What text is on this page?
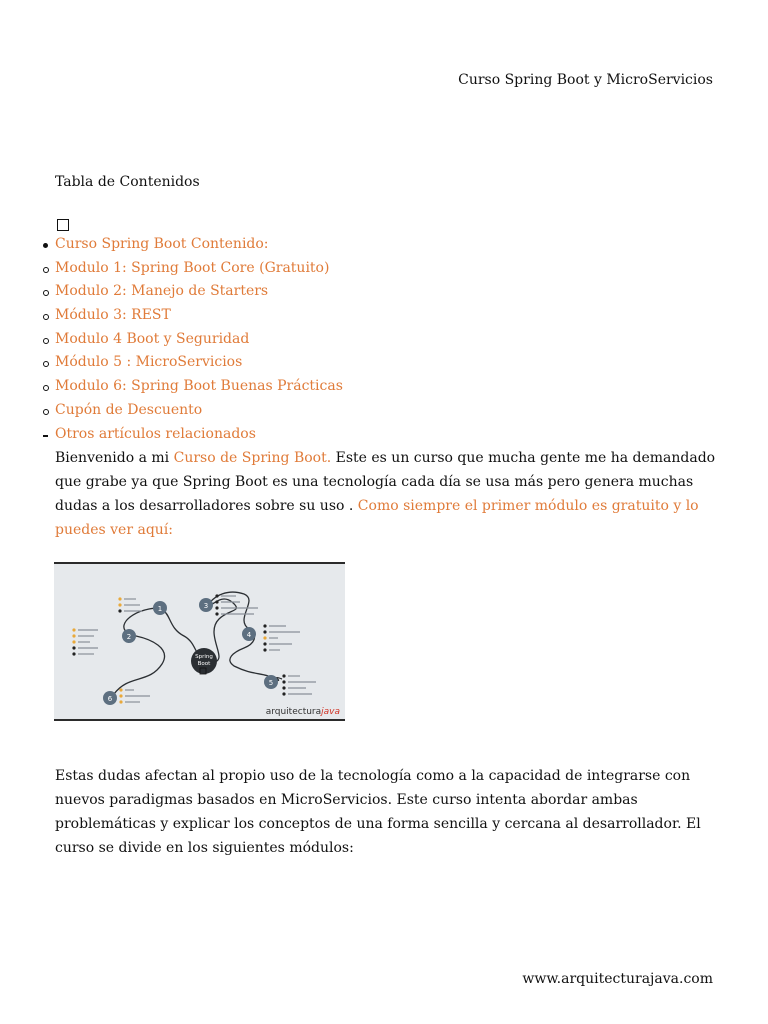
Curso Spring Boot y MicroServicios
Tabla de Contenidos
Curso Spring Boot Contenido:
Modulo 1: Spring Boot Core (Gratuito)
Modulo 2: Manejo de Starters
Módulo 3: REST
Modulo 4 Boot y Seguridad
Módulo 5 : MicroServicios
Modulo 6: Spring Boot Buenas Prácticas
Cupón de Descuento
Otros artículos relacionados

Bienvenido a mi Curso de Spring Boot. Este es un curso que mucha gente me ha demandado que grabe ya que Spring Boot es una tecnología cada día se usa más pero genera muchas dudas a los desarrolladores sobre su uso . Como siempre el primer módulo es gratuito y lo puedes ver aquí:

Spring
Boot
1
2
3
4
5
6
arquitecturajava

Estas dudas afectan al propio uso de la tecnología como a la capacidad de integrarse con nuevos paradigmas basados en MicroServicios. Este curso intenta abordar ambas problemáticas y explicar los conceptos de una forma sencilla y cercana al desarrollador. El curso se divide en los siguientes módulos:

www.arquitecturajava.com
